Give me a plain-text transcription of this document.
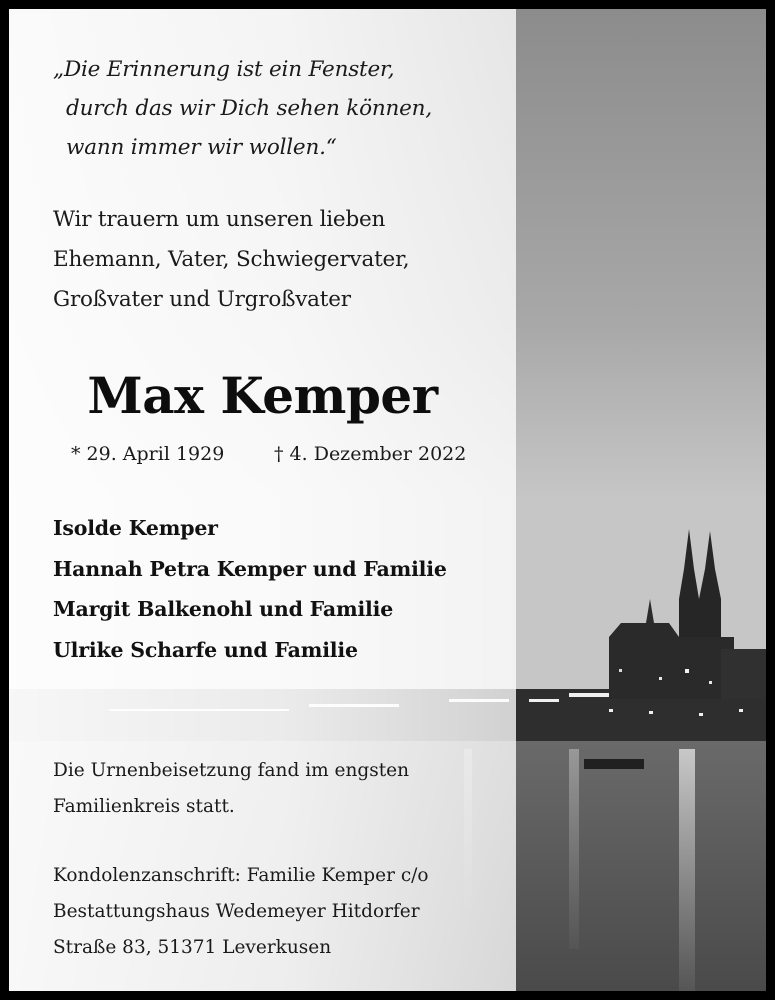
„Die Erinnerung ist ein Fenster,
durch das wir Dich sehen können,
wann immer wir wollen.“
Wir trauern um unseren lieben
Ehemann, Vater, Schwiegervater,
Großvater und Urgroßvater
Max Kemper
* 29. April 1929	† 4. Dezember 2022
Isolde Kemper
Hannah Petra Kemper und Familie
Margit Balkenohl und Familie
Ulrike Scharfe und Familie
Die Urnenbeisetzung fand im engsten
Familienkreis statt.
Kondolenzanschrift: Familie Kemper c/o
Bestattungshaus Wedemeyer Hitdorfer
Straße 83, 51371 Leverkusen
